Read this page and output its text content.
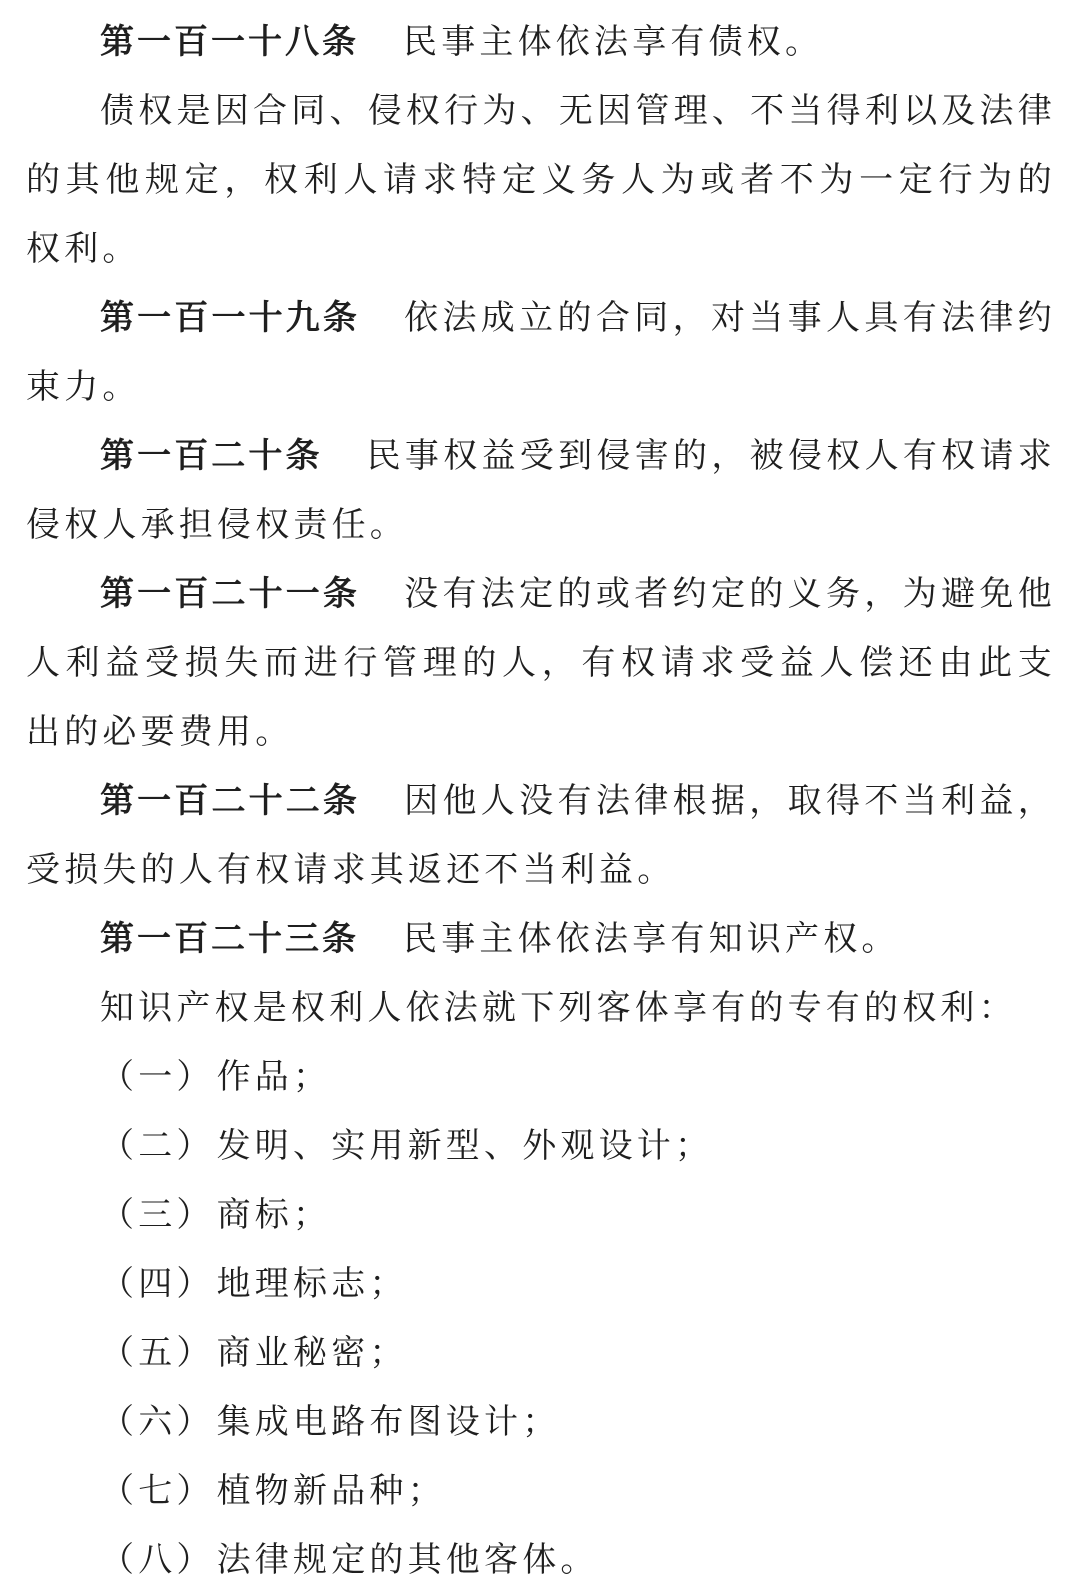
第一百一十八条 民事主体依法享有债权。

债权是因合同、侵权行为、无因管理、不当得利以及法律的其他规定，权利人请求特定义务人为或者不为一定行为的权利。

第一百一十九条 依法成立的合同，对当事人具有法律约束力。

第一百二十条 民事权益受到侵害的，被侵权人有权请求侵权人承担侵权责任。

第一百二十一条 没有法定的或者约定的义务，为避免他人利益受损失而进行管理的人，有权请求受益人偿还由此支出的必要费用。

第一百二十二条 因他人没有法律根据，取得不当利益，受损失的人有权请求其返还不当利益。

第一百二十三条 民事主体依法享有知识产权。

知识产权是权利人依法就下列客体享有的专有的权利：

（一）作品；

（二）发明、实用新型、外观设计；

（三）商标；

（四）地理标志；

（五）商业秘密；

（六）集成电路布图设计；

（七）植物新品种；

（八）法律规定的其他客体。
